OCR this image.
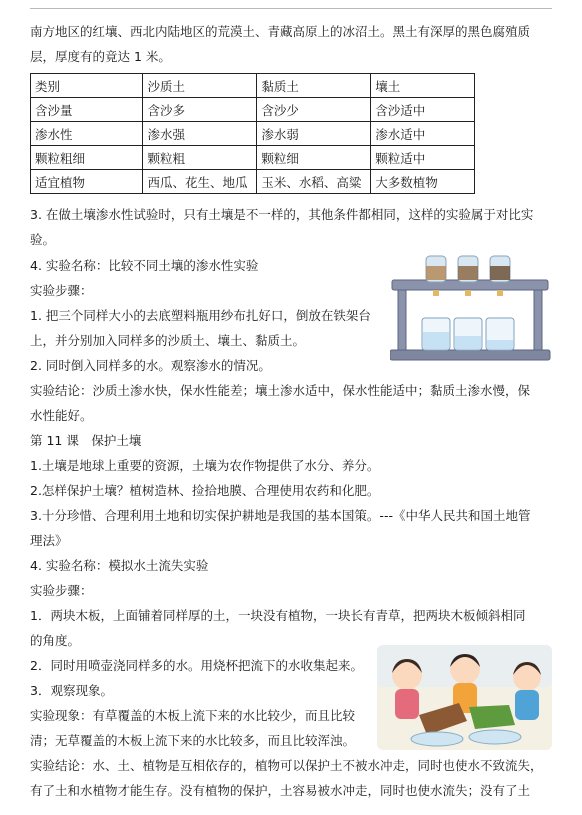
南方地区的红壤、西北内陆地区的荒漠土、青藏高原上的冰沼土。黑土有深厚的黑色腐殖质
层，厚度有的竟达 1 米。
类别	沙质土	黏质土	壤土
含沙量	含沙多	含沙少	含沙适中
渗水性	渗水强	渗水弱	渗水适中
颗粒粗细	颗粒粗	颗粒细	颗粒适中
适宜植物	西瓜、花生、地瓜	玉米、水稻、高粱	大多数植物
3. 在做土壤渗水性试验时，只有土壤是不一样的，其他条件都相同，这样的实验属于对比实
验。
4. 实验名称：比较不同土壤的渗水性实验
实验步骤：
1. 把三个同样大小的去底塑料瓶用纱布扎好口，倒放在铁架台
上，并分别加入同样多的沙质土、壤土、黏质土。
2. 同时倒入同样多的水。观察渗水的情况。
实验结论：沙质土渗水快，保水性能差；壤土渗水适中，保水性能适中；黏质土渗水慢，保
水性能好。
第 11 课　保护土壤
1.土壤是地球上重要的资源，土壤为农作物提供了水分、养分。
2.怎样保护土壤？植树造林、捡拾地膜、合理使用农药和化肥。
3.十分珍惜、合理利用土地和切实保护耕地是我国的基本国策。---《中华人民共和国土地管
理法》
4. 实验名称：模拟水土流失实验
实验步骤：
1．两块木板，上面铺着同样厚的土，一块没有植物，一块长有青草，把两块木板倾斜相同
的角度。
2．同时用喷壶浇同样多的水。用烧杯把流下的水收集起来。
3．观察现象。
实验现象：有草覆盖的木板上流下来的水比较少，而且比较
清；无草覆盖的木板上流下来的水比较多，而且比较浑浊。
实验结论：水、土、植物是互相依存的，植物可以保护土不被水冲走，同时也使水不致流失，
有了土和水植物才能生存。没有植物的保护，土容易被水冲走，同时也使水流失；没有了土
